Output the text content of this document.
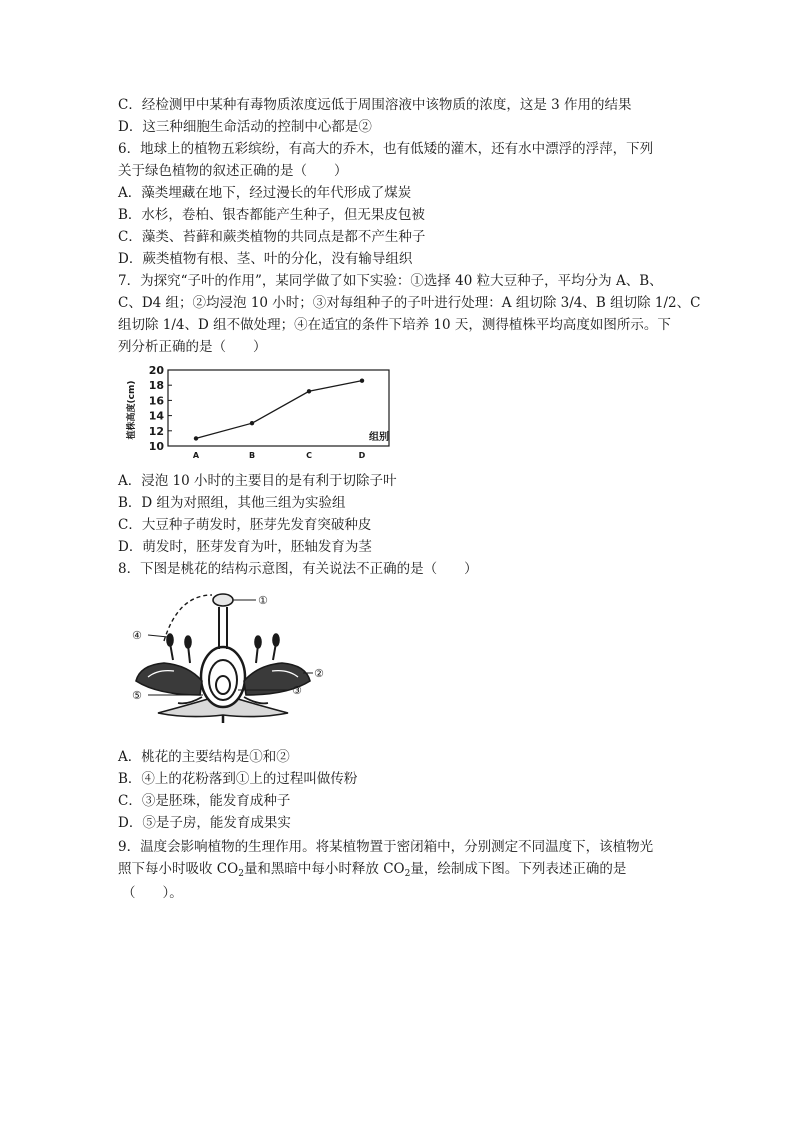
C．经检测甲中某种有毒物质浓度远低于周围溶液中该物质的浓度，这是 3 作用的结果
D．这三种细胞生命活动的控制中心都是②
6．地球上的植物五彩缤纷，有高大的乔木，也有低矮的灌木，还有水中漂浮的浮萍，下列
关于绿色植物的叙述正确的是（　　）
A．藻类埋藏在地下，经过漫长的年代形成了煤炭
B．水杉，卷柏、银杏都能产生种子，但无果皮包被
C．藻类、苔藓和蕨类植物的共同点是都不产生种子
D．蕨类植物有根、茎、叶的分化，没有输导组织
7．为探究“子叶的作用”，某同学做了如下实验：①选择 40 粒大豆种子，平均分为 A、B、
C、D4 组；②均浸泡 10 小时；③对每组种子的子叶进行处理：A 组切除 3/4、B 组切除 1/2、C
组切除 1/4、D 组不做处理；④在适宜的条件下培养 10 天，测得植株平均高度如图所示。下
列分析正确的是（　　）
10
12
14
16
18
20
A	B	C	D
植株高度(cm)	组别
A．浸泡 10 小时的主要目的是有利于切除子叶
B．D 组为对照组，其他三组为实验组
C．大豆种子萌发时，胚芽先发育突破种皮
D．萌发时，胚芽发育为叶，胚轴发育为茎
8．下图是桃花的结构示意图，有关说法不正确的是（　　）
①
②
③
④
⑤
A．桃花的主要结构是①和②
B．④上的花粉落到①上的过程叫做传粉
C．③是胚珠，能发育成种子
D．⑤是子房，能发育成果实
9．温度会影响植物的生理作用。将某植物置于密闭箱中，分别测定不同温度下，该植物光
照下每小时吸收 $CO_2$量和黑暗中每小时释放 $CO_2$量，绘制成下图。下列表述正确的是
（　　）。
